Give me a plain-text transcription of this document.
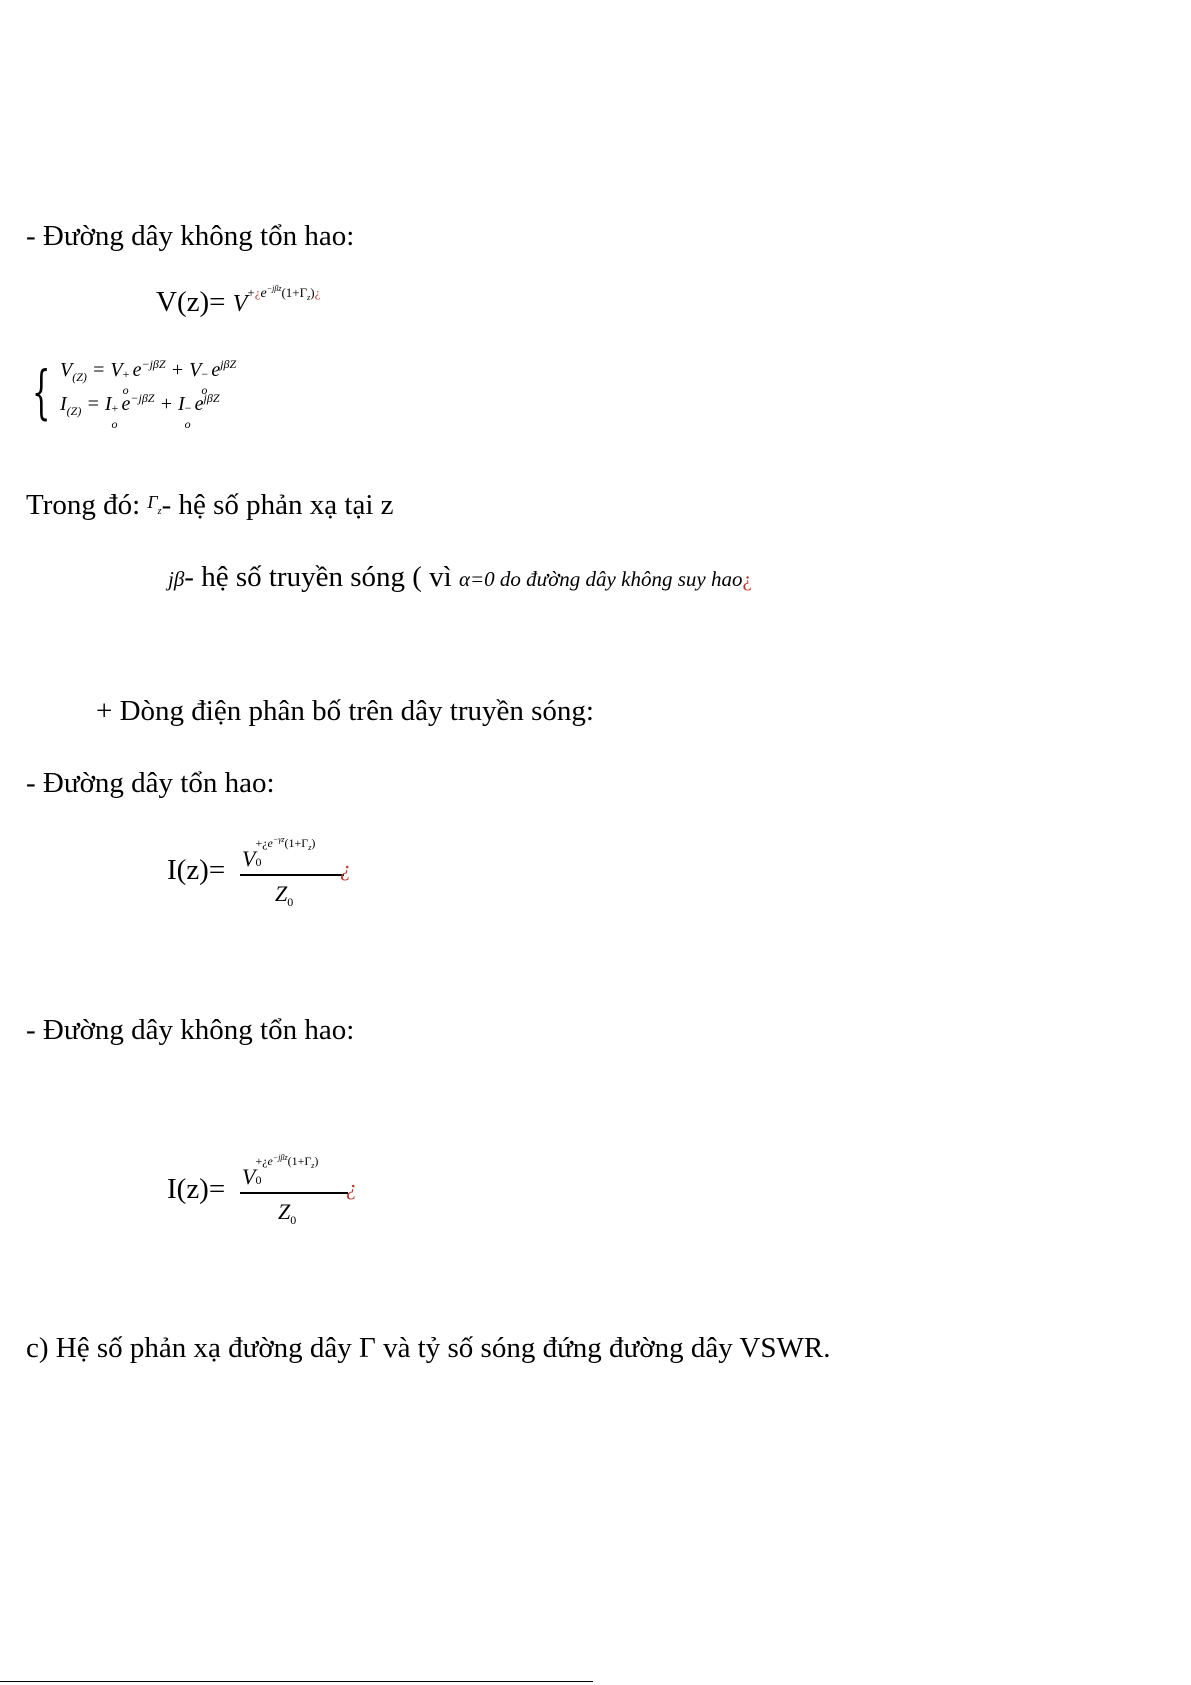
- Đường dây không tổn hao:
$V(z)= V^{+¿e^{-j\beta z}(1+\Gamma_z)¿}$
{ $V_{(Z)} = V$ +
o
$e^{-j\beta Z} + V$ −
o
$e^{j\beta Z}$
$I_{(Z)} = I$ +
o
$e^{-j\beta Z} + I$ −
o
$e^{j\beta Z}$
Trong đó: $^\Gamma$z- hệ số phản xạ tại z
jβ- hệ số truyền sóng ( vì α=0 do đường dây không suy hao¿
+ Dòng điện phân bố trên dây truyền sóng:
- Đường dây tổn hao:
I(z)= V
$+¿e^{-\gamma z}(1+\Gamma_z)$
0
$Z_0$
¿
- Đường dây không tổn hao:
I(z)= V
$+¿e^{-j\beta z}(1+\Gamma_z)$
0
$Z_0$
¿
c) Hệ số phản xạ đường dây Γ và tỷ số sóng đứng đường dây VSWR.
